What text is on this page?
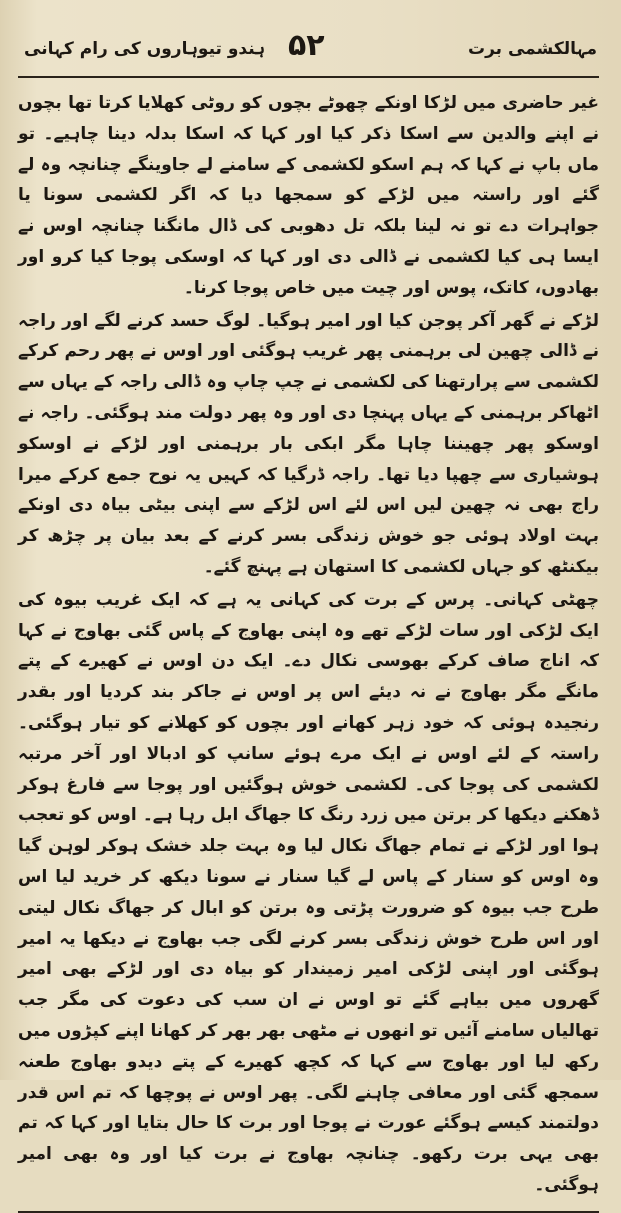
مہالکشمی برت
۵۲
ہندو تیوہاروں کی رام کہانی

غیر حاضری میں لڑکا اونکے چھوٹے بچوں کو روٹی کھلایا کرتا تھا بچوں نے اپنے والدین سے اسکا ذکر کیا اور کہا کہ اسکا بدلہ دینا چاہیے۔ تو ماں باپ نے کہا کہ ہم اسکو لکشمی کے سامنے لے جاوینگے چنانچہ وہ لے گئے اور راستہ میں لڑکے کو سمجھا دیا کہ اگر لکشمی سونا یا جواہرات دے تو نہ لینا بلکہ تل دھوبی کی ڈال مانگنا چنانچہ اوس نے ایسا ہی کیا لکشمی نے ڈالی دی اور کہا کہ اوسکی پوجا کیا کرو اور بھادوں، کاتک، پوس اور چیت میں خاص پوجا کرنا۔

لڑکے نے گھر آکر پوجن کیا اور امیر ہوگیا۔ لوگ حسد کرنے لگے اور راجہ نے ڈالی چھین لی برہمنی پھر غریب ہوگئی اور اوس نے پھر رحم کرکے لکشمی سے پرارتھنا کی لکشمی نے چپ چاپ وہ ڈالی راجہ کے یہاں سے اٹھاکر برہمنی کے یہاں پہنچا دی اور وہ پھر دولت مند ہوگئی۔ راجہ نے اوسکو پھر چھیننا چاہا مگر ابکی بار برہمنی اور لڑکے نے اوسکو ہوشیاری سے چھپا دیا تھا۔ راجہ ڈرگیا کہ کہیں یہ نوح جمع کرکے میرا راج بھی نہ چھین لیں اس لئے اس لڑکے سے اپنی بیٹی بیاہ دی اونکے بہت اولاد ہوئی جو خوش زندگی بسر کرنے کے بعد بیان پر چڑھ کر بیکنٹھ کو جہاں لکشمی کا استھان ہے پہنچ گئے۔

چھٹی کہانی۔ پرس کے برت کی کہانی یہ ہے کہ ایک غریب بیوہ کی ایک لڑکی اور سات لڑکے تھے وہ اپنی بھاوج کے پاس گئی بھاوج نے کہا کہ اناج صاف کرکے بھوسی نکال دے۔ ایک دن اوس نے کھیرے کے پتے مانگے مگر بھاوج نے نہ دیئے اس پر اوس نے جاکر بند کردیا اور بقدر رنجیدہ ہوئی کہ خود زہر کھانے اور بچوں کو کھلانے کو تیار ہوگئی۔ راستہ کے لئے اوس نے ایک مرے ہوئے سانپ کو ادبالا اور آخر مرتبہ لکشمی کی پوجا کی۔ لکشمی خوش ہوگئیں اور پوجا سے فارغ ہوکر ڈھکنے دیکھا کر برتن میں زرد رنگ کا جھاگ ابل رہا ہے۔ اوس کو تعجب ہوا اور لڑکے نے تمام جھاگ نکال لیا وہ بہت جلد خشک ہوکر لوہن گیا وہ اوس کو سنار کے پاس لے گیا سنار نے سونا دیکھ کر خرید لیا اس طرح جب بیوہ کو ضرورت پڑتی وہ برتن کو ابال کر جھاگ نکال لیتی اور اس طرح خوش زندگی بسر کرنے لگی جب بھاوج نے دیکھا یہ امیر ہوگئی اور اپنی لڑکی امیر زمیندار کو بیاہ دی اور لڑکے بھی امیر گھروں میں بیاہے گئے تو اوس نے ان سب کی دعوت کی مگر جب تھالیاں سامنے آئیں تو انھوں نے مٹھی بھر بھر کر کھانا اپنے کپڑوں میں رکھ لیا اور بھاوج سے کہا کہ کچھ کھیرے کے پتے دیدو بھاوج طعنہ سمجھ گئی اور معافی چاہنے لگی۔ پھر اوس نے پوچھا کہ تم اس قدر دولتمند کیسے ہوگئے عورت نے پوجا اور برت کا حال بتایا اور کہا کہ تم بھی یہی برت رکھو۔ چنانچہ بھاوج نے برت کیا اور وہ بھی امیر ہوگئی۔
